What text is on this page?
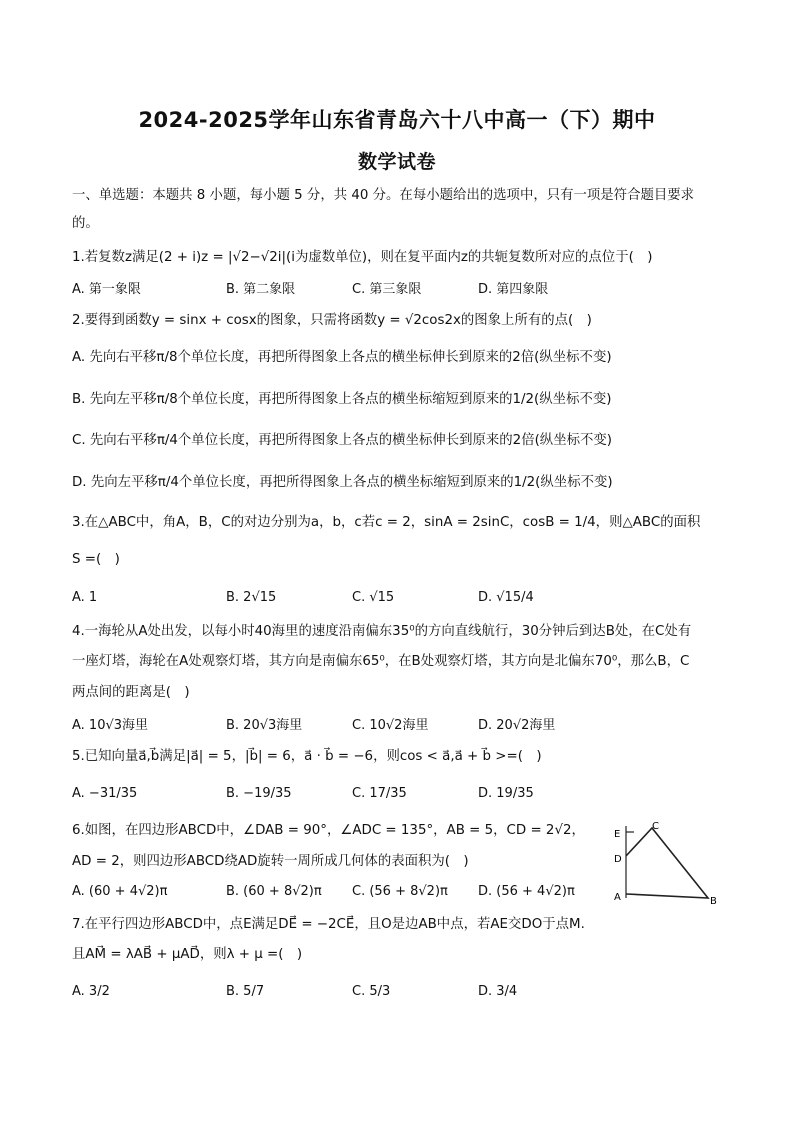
2024-2025学年山东省青岛六十八中高一（下）期中
数学试卷
一、单选题：本题共 8 小题，每小题 5 分，共 40 分。在每小题给出的选项中，只有一项是符合题目要求
的。
1.若复数z满足(2 + i)z = |√2−√2i|(i为虚数单位)，则在复平面内z的共轭复数所对应的点位于(　)
A. 第一象限	B. 第二象限	C. 第三象限	D. 第四象限
2.要得到函数y = sinx + cosx的图象，只需将函数y = √2cos2x的图象上所有的点(　)
A. 先向右平移π/8个单位长度，再把所得图象上各点的横坐标伸长到原来的2倍(纵坐标不变)
B. 先向左平移π/8个单位长度，再把所得图象上各点的横坐标缩短到原来的1/2(纵坐标不变)
C. 先向右平移π/4个单位长度，再把所得图象上各点的横坐标伸长到原来的2倍(纵坐标不变)
D. 先向左平移π/4个单位长度，再把所得图象上各点的横坐标缩短到原来的1/2(纵坐标不变)
3.在△ABC中，角A，B，C的对边分别为a，b，c若c = 2，sinA = 2sinC，cosB = 1/4，则△ABC的面积
S =(　)
A. 1	B. 2√15	C. √15	D. √15/4
4.一海轮从A处出发，以每小时40海里的速度沿南偏东35⁰的方向直线航行，30分钟后到达B处，在C处有
一座灯塔，海轮在A处观察灯塔，其方向是南偏东65⁰，在B处观察灯塔，其方向是北偏东70⁰，那么B，C
两点间的距离是(　)
A. 10√3海里	B. 20√3海里	C. 10√2海里	D. 20√2海里
5.已知向量a⃗,b⃗满足|a⃗| = 5，|b⃗| = 6，a⃗ · b⃗ = −6，则cos < a⃗,a⃗ + b⃗ >=(　)
A. −31/35	B. −19/35	C. 17/35	D. 19/35
6.如图，在四边形ABCD中，∠DAB = 90°，∠ADC = 135°，AB = 5，CD = 2√2，
AD = 2，则四边形ABCD绕AD旋转一周所成几何体的表面积为(　)
A. (60 + 4√2)π	B. (60 + 8√2)π C. (56 + 8√2)π D. (56 + 4√2)π
E
C
D
A	B
7.在平行四边形ABCD中，点E满足DE⃗ = −2CE⃗，且O是边AB中点，若AE交DO于点M.
且AM⃗ = λAB⃗ + μAD⃗，则λ + μ =(　)
A. 3/2	B. 5/7	C. 5/3	D. 3/4
